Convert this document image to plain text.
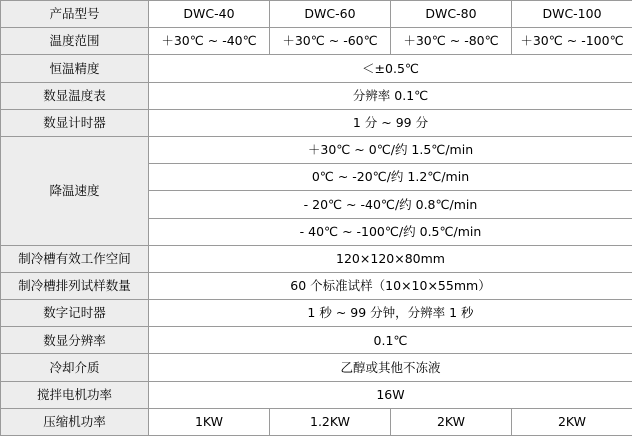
产品型号	DWC-40	DWC-60	DWC-80	DWC-100
温度范围	＋30℃ ~ -40℃	＋30℃ ~ -60℃	＋30℃ ~ -80℃	＋30℃ ~ -100℃
恒温精度	＜±0.5℃			
数显温度表	分辨率 0.1℃			
数显计时器	1 分 ~ 99 分			
降温速度	＋30℃ ~ 0℃/约 1.5℃/min			
	0℃ ~ -20℃/约 1.2℃/min			
	- 20℃ ~ -40℃/约 0.8℃/min			
	- 40℃ ~ -100℃/约 0.5℃/min			
制冷槽有效工作空间	120×120×80mm			
制冷槽排列试样数量	60 个标准试样（10×10×55mm）			
数字记时器	1 秒 ~ 99 分钟，分辨率 1 秒			
数显分辨率	0.1℃			
冷却介质	乙醇或其他不冻液			
搅拌电机功率	16W			
压缩机功率	1KW	1.2KW	2KW	2KW
